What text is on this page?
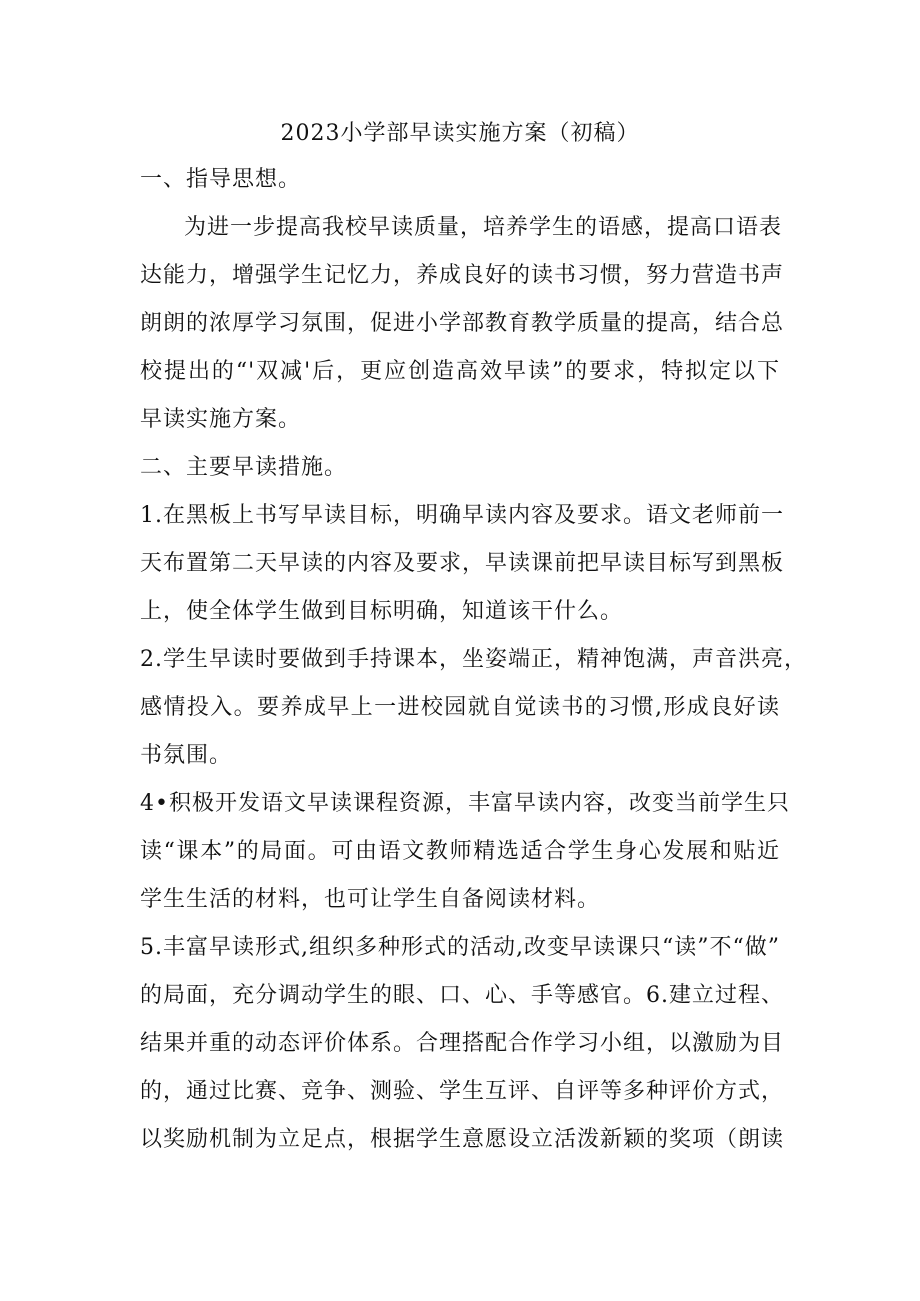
2023小学部早读实施方案（初稿）
一、指导思想。
为进一步提高我校早读质量，培养学生的语感，提高口语表
达能力，增强学生记忆力，养成良好的读书习惯，努力营造书声
朗朗的浓厚学习氛围，促进小学部教育教学质量的提高，结合总
校提出的“'双减'后，更应创造高效早读”的要求，特拟定以下
早读实施方案。
二、主要早读措施。
1.在黑板上书写早读目标，明确早读内容及要求。语文老师前一
天布置第二天早读的内容及要求，早读课前把早读目标写到黑板
上，使全体学生做到目标明确，知道该干什么。
2.学生早读时要做到手持课本，坐姿端正，精神饱满，声音洪亮，
感情投入。要养成早上一进校园就自觉读书的习惯,形成良好读
书氛围。
4•积极开发语文早读课程资源，丰富早读内容，改变当前学生只
读“课本”的局面。可由语文教师精选适合学生身心发展和贴近
学生生活的材料，也可让学生自备阅读材料。
5.丰富早读形式,组织多种形式的活动,改变早读课只“读”不“做”
的局面，充分调动学生的眼、口、心、手等感官。6.建立过程、
结果并重的动态评价体系。合理搭配合作学习小组，以激励为目
的，通过比赛、竞争、测验、学生互评、自评等多种评价方式，
以奖励机制为立足点，根据学生意愿设立活泼新颖的奖项（朗读
